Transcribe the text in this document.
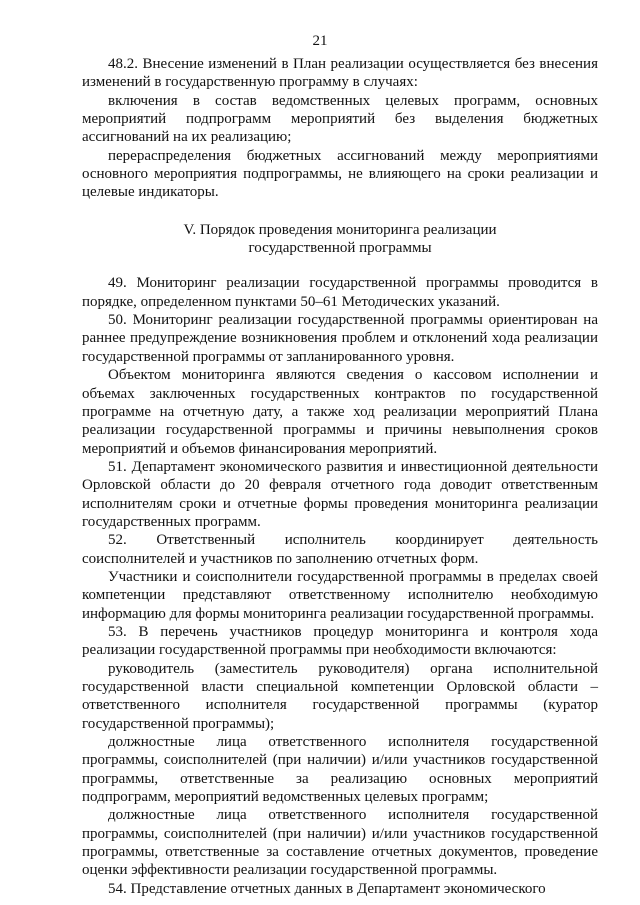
21

48.2. Внесение изменений в План реализации осуществляется без внесения изменений в государственную программу в случаях:

включения в состав ведомственных целевых программ, основных мероприятий подпрограмм мероприятий без выделения бюджетных ассигнований на их реализацию;

перераспределения бюджетных ассигнований между мероприятиями основного мероприятия подпрограммы, не влияющего на сроки реализации и целевые индикаторы.

V. Порядок проведения мониторинга реализации
государственной программы

49. Мониторинг реализации государственной программы проводится в порядке, определенном пунктами 50–61 Методических указаний.

50. Мониторинг реализации государственной программы ориентирован на раннее предупреждение возникновения проблем и отклонений хода реализации государственной программы от запланированного уровня.

Объектом мониторинга являются сведения о кассовом исполнении и объемах заключенных государственных контрактов по государственной программе на отчетную дату, а также ход реализации мероприятий Плана реализации государственной программы и причины невыполнения сроков мероприятий и объемов финансирования мероприятий.

51. Департамент экономического развития и инвестиционной деятельности Орловской области до 20 февраля отчетного года доводит ответственным исполнителям сроки и отчетные формы проведения мониторинга реализации государственных программ.

52. Ответственный исполнитель координирует деятельность соисполнителей и участников по заполнению отчетных форм.

Участники и соисполнители государственной программы в пределах своей компетенции представляют ответственному исполнителю необходимую информацию для формы мониторинга реализации государственной программы.

53. В перечень участников процедур мониторинга и контроля хода реализации государственной программы при необходимости включаются:

руководитель (заместитель руководителя) органа исполнительной государственной власти специальной компетенции Орловской области – ответственного исполнителя государственной программы (куратор государственной программы);

должностные лица ответственного исполнителя государственной программы, соисполнителей (при наличии) и/или участников государственной программы, ответственные за реализацию основных мероприятий подпрограмм, мероприятий ведомственных целевых программ;

должностные лица ответственного исполнителя государственной программы, соисполнителей (при наличии) и/или участников государственной программы, ответственные за составление отчетных документов, проведение оценки эффективности реализации государственной программы.

54. Представление отчетных данных в Департамент экономического
